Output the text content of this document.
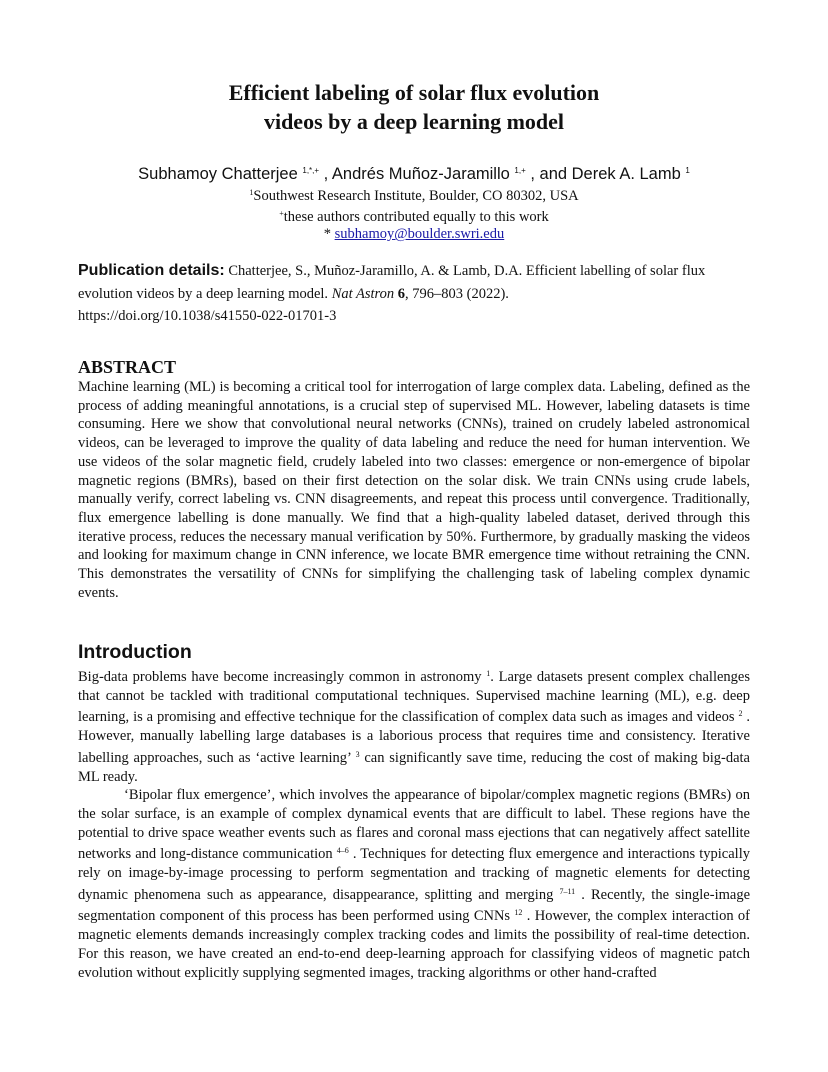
Efficient labeling of solar flux evolution
videos by a deep learning model
Subhamoy Chatterjee $^{1,*,+}$ , Andrés Muñoz-Jaramillo $^{1,+}$ , and Derek A. Lamb $^1$
$^1$Southwest Research Institute, Boulder, CO 80302, USA
+these authors contributed equally to this work
* subhamoy@boulder.swri.edu
Publication details: Chatterjee, S., Muñoz-Jaramillo, A. & Lamb, D.A. Efficient labelling of solar flux evolution videos by a deep learning model. Nat Astron 6, 796–803 (2022).
https://doi.org/10.1038/s41550-022-01701-3
ABSTRACT
Machine learning (ML) is becoming a critical tool for interrogation of large complex data. Labeling, defined as the process of adding meaningful annotations, is a crucial step of supervised ML. However, labeling datasets is time consuming. Here we show that convolutional neural networks (CNNs), trained on crudely labeled astronomical videos, can be leveraged to improve the quality of data labeling and reduce the need for human intervention. We use videos of the solar magnetic field, crudely labeled into two classes: emergence or non-emergence of bipolar magnetic regions (BMRs), based on their first detection on the solar disk. We train CNNs using crude labels, manually verify, correct labeling vs. CNN disagreements, and repeat this process until convergence. Traditionally, flux emergence labelling is done manually. We find that a high-quality labeled dataset, derived through this iterative process, reduces the necessary manual verification by 50%. Furthermore, by gradually masking the videos and looking for maximum change in CNN inference, we locate BMR emergence time without retraining the CNN. This demonstrates the versatility of CNNs for simplifying the challenging task of labeling complex dynamic events.
Introduction

Big-data problems have become increasingly common in astronomy $^1$. Large datasets present complex challenges that cannot be tackled with traditional computational techniques. Supervised machine learning (ML), e.g. deep learning, is a promising and effective technique for the classification of complex data such as images and videos $^2$ . However, manually labelling large databases is a laborious process that requires time and consistency. Iterative labelling approaches, such as ‘active learning’ $^3$ can significantly save time, reducing the cost of making big-data ML ready.

‘Bipolar flux emergence’, which involves the appearance of bipolar/complex magnetic regions (BMRs) on the solar surface, is an example of complex dynamical events that are difficult to label. These regions have the potential to drive space weather events such as flares and coronal mass ejections that can negatively affect satellite networks and long-distance communication $^{4-6}$ . Techniques for detecting flux emergence and interactions typically rely on image-by-image processing to perform segmentation and tracking of magnetic elements for detecting dynamic phenomena such as appearance, disappearance, splitting and merging $^{7-11}$ . Recently, the single-image segmentation component of this process has been performed using CNNs $^{12}$ . However, the complex interaction of magnetic elements demands increasingly complex tracking codes and limits the possibility of real-time detection. For this reason, we have created an end-to-end deep-learning approach for classifying videos of magnetic patch evolution without explicitly supplying segmented images, tracking algorithms or other hand-crafted
